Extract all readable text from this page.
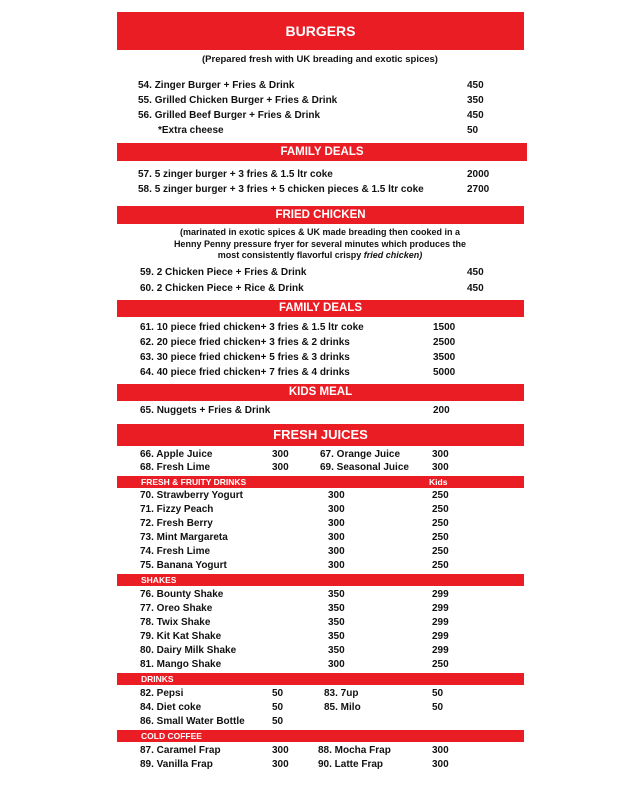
BURGERS
(Prepared fresh with UK breading and exotic spices)
54. Zinger Burger + Fries & Drink	450
55. Grilled Chicken Burger + Fries & Drink	350
56. Grilled Beef Burger + Fries & Drink	450
*Extra cheese	50
FAMILY DEALS
57. 5 zinger burger + 3 fries & 1.5 ltr coke	2000
58. 5 zinger burger + 3 fries + 5 chicken pieces & 1.5 ltr coke	2700
FRIED CHICKEN
(marinated in exotic spices & UK made breading then cooked in a
Henny Penny pressure fryer for several minutes which produces the
most consistently flavorful crispy fried chicken)
59. 2 Chicken Piece + Fries & Drink	450
60. 2 Chicken Piece + Rice & Drink	450
FAMILY DEALS
61. 10 piece fried chicken+ 3 fries & 1.5 ltr coke	1500
62. 20 piece fried chicken+ 3 fries & 2 drinks	2500
63. 30 piece fried chicken+ 5 fries & 3 drinks	3500
64. 40 piece fried chicken+ 7 fries & 4 drinks	5000
KIDS MEAL
65. Nuggets + Fries & Drink	200
FRESH JUICES
66. Apple Juice	300	67. Orange Juice	300
68. Fresh Lime	300	69. Seasonal Juice 300
FRESH & FRUITY DRINKS	Kids
70. Strawberry Yogurt	300	250
71. Fizzy Peach	300	250
72. Fresh Berry	300	250
73. Mint Margareta	300	250
74. Fresh Lime	300	250
75. Banana Yogurt	300	250
SHAKES
76. Bounty Shake	350	299
77. Oreo Shake	350	299
78. Twix Shake	350	299
79. Kit Kat Shake	350	299
80. Dairy Milk Shake	350	299
81. Mango Shake	300	250
DRINKS
82. Pepsi	50	83. 7up	50
84. Diet coke	50	85. Milo	50
86. Small Water Bottle	50
COLD COFFEE
87. Caramel Frap	300	88. Mocha Frap	300
89. Vanilla Frap	300	90. Latte Frap	300
